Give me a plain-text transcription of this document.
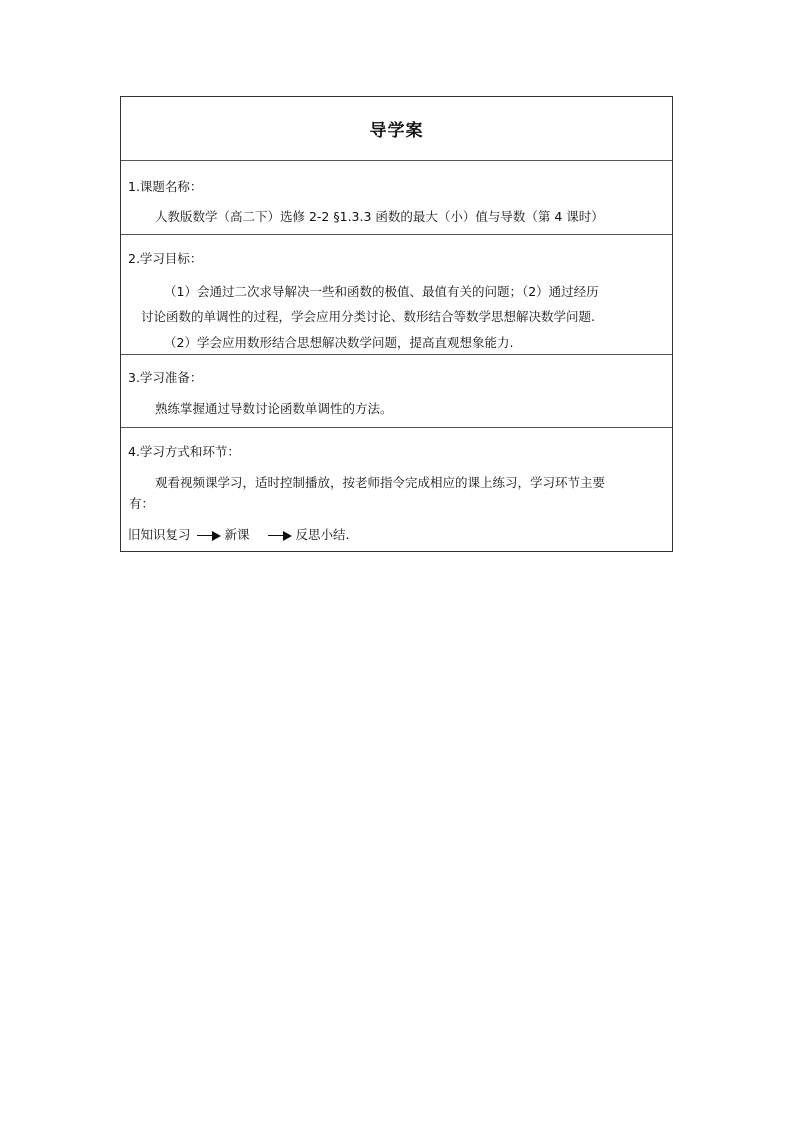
导学案
1.课题名称：
人教版数学（高二下）选修 2-2 §1.3.3 函数的最大（小）值与导数（第 4 课时）
2.学习目标：
（1）会通过二次求导解决一些和函数的极值、最值有关的问题；（2）通过经历
讨论函数的单调性的过程，学会应用分类讨论、数形结合等数学思想解决数学问题.
（2）学会应用数形结合思想解决数学问题，提高直观想象能力.
3.学习准备：
熟练掌握通过导数讨论函数单调性的方法。
4.学习方式和环节：
观看视频课学习，适时控制播放，按老师指令完成相应的课上练习，学习环节主要
有：
旧知识复习	新课	反思小结.
